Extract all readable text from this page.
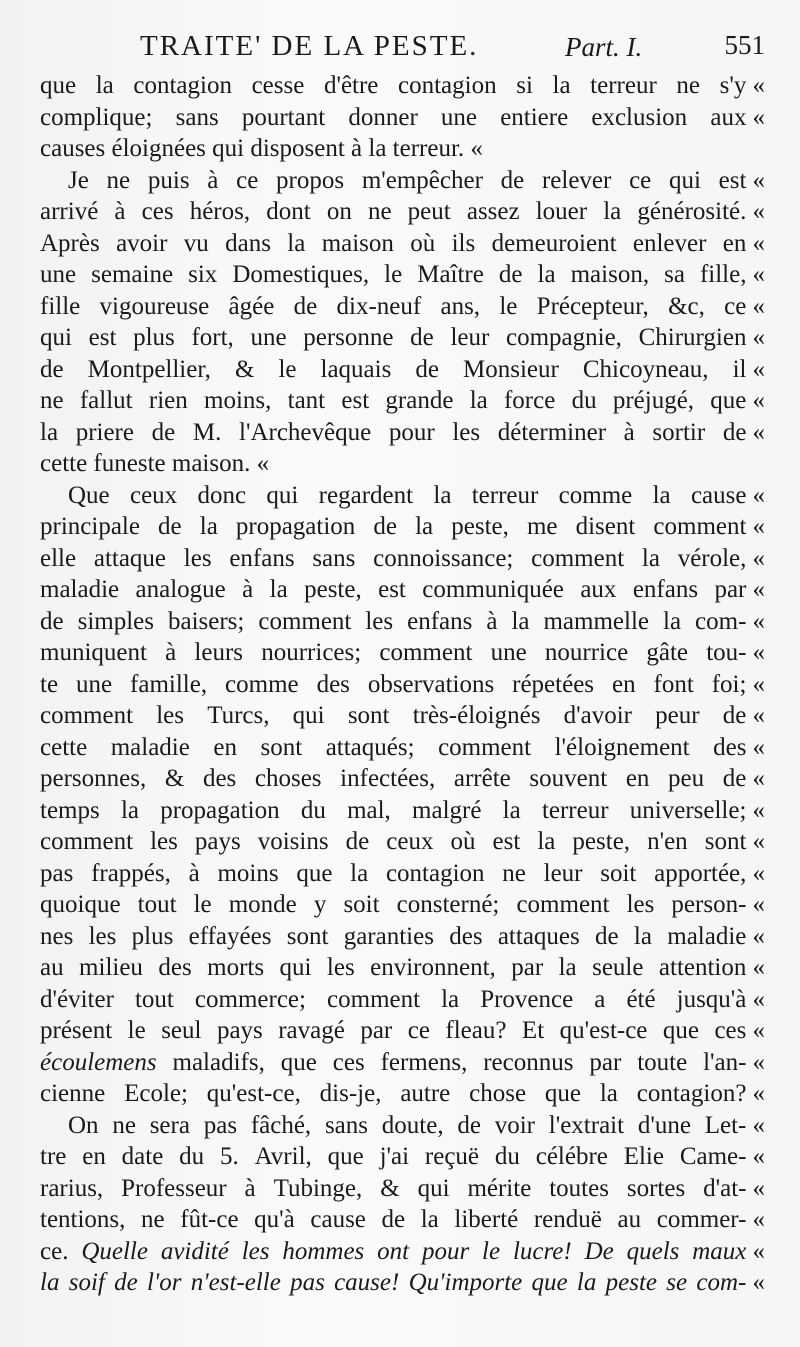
TRAITE' DE LA PESTE.	Part. I.	551
que la contagion cesse d'être contagion si la terreur ne s'y «
complique; sans pourtant donner une entiere exclusion aux «
causes éloignées qui disposent à la terreur. «
Je ne puis à ce propos m'empêcher de relever ce qui est «
arrivé à ces héros, dont on ne peut assez louer la générosité. «
Après avoir vu dans la maison où ils demeuroient enlever en «
une semaine six Domestiques, le Maître de la maison, sa fille, «
fille vigoureuse âgée de dix-neuf ans, le Précepteur, &c, ce «
qui est plus fort, une personne de leur compagnie, Chirurgien «
de Montpellier, & le laquais de Monsieur Chicoyneau, il «
ne fallut rien moins, tant est grande la force du préjugé, que «
la priere de M. l'Archevêque pour les déterminer à sortir de «
cette funeste maison. «
Que ceux donc qui regardent la terreur comme la cause «
principale de la propagation de la peste, me disent comment «
elle attaque les enfans sans connoissance; comment la vérole, «
maladie analogue à la peste, est communiquée aux enfans par «
de simples baisers; comment les enfans à la mammelle la com- «
muniquent à leurs nourrices; comment une nourrice gâte tou- «
te une famille, comme des observations répetées en font foi; «
comment les Turcs, qui sont très-éloignés d'avoir peur de «
cette maladie en sont attaqués; comment l'éloignement des «
personnes, & des choses infectées, arrête souvent en peu de «
temps la propagation du mal, malgré la terreur universelle; «
comment les pays voisins de ceux où est la peste, n'en sont «
pas frappés, à moins que la contagion ne leur soit apportée, «
quoique tout le monde y soit consterné; comment les person- «
nes les plus effayées sont garanties des attaques de la maladie «
au milieu des morts qui les environnent, par la seule attention «
d'éviter tout commerce; comment la Provence a été jusqu'à «
présent le seul pays ravagé par ce fleau? Et qu'est-ce que ces «
écoulemens maladifs, que ces fermens, reconnus par toute l'an- «
cienne Ecole; qu'est-ce, dis-je, autre chose que la contagion? «
On ne sera pas fâché, sans doute, de voir l'extrait d'une Let- «
tre en date du 5. Avril, que j'ai reçuë du célébre Elie Came- «
rarius, Professeur à Tubinge, & qui mérite toutes sortes d'at- «
tentions, ne fût-ce qu'à cause de la liberté renduë au commer- «
ce. Quelle avidité les hommes ont pour le lucre! De quels maux «
la soif de l'or n'est-elle pas cause! Qu'importe que la peste se com- «
